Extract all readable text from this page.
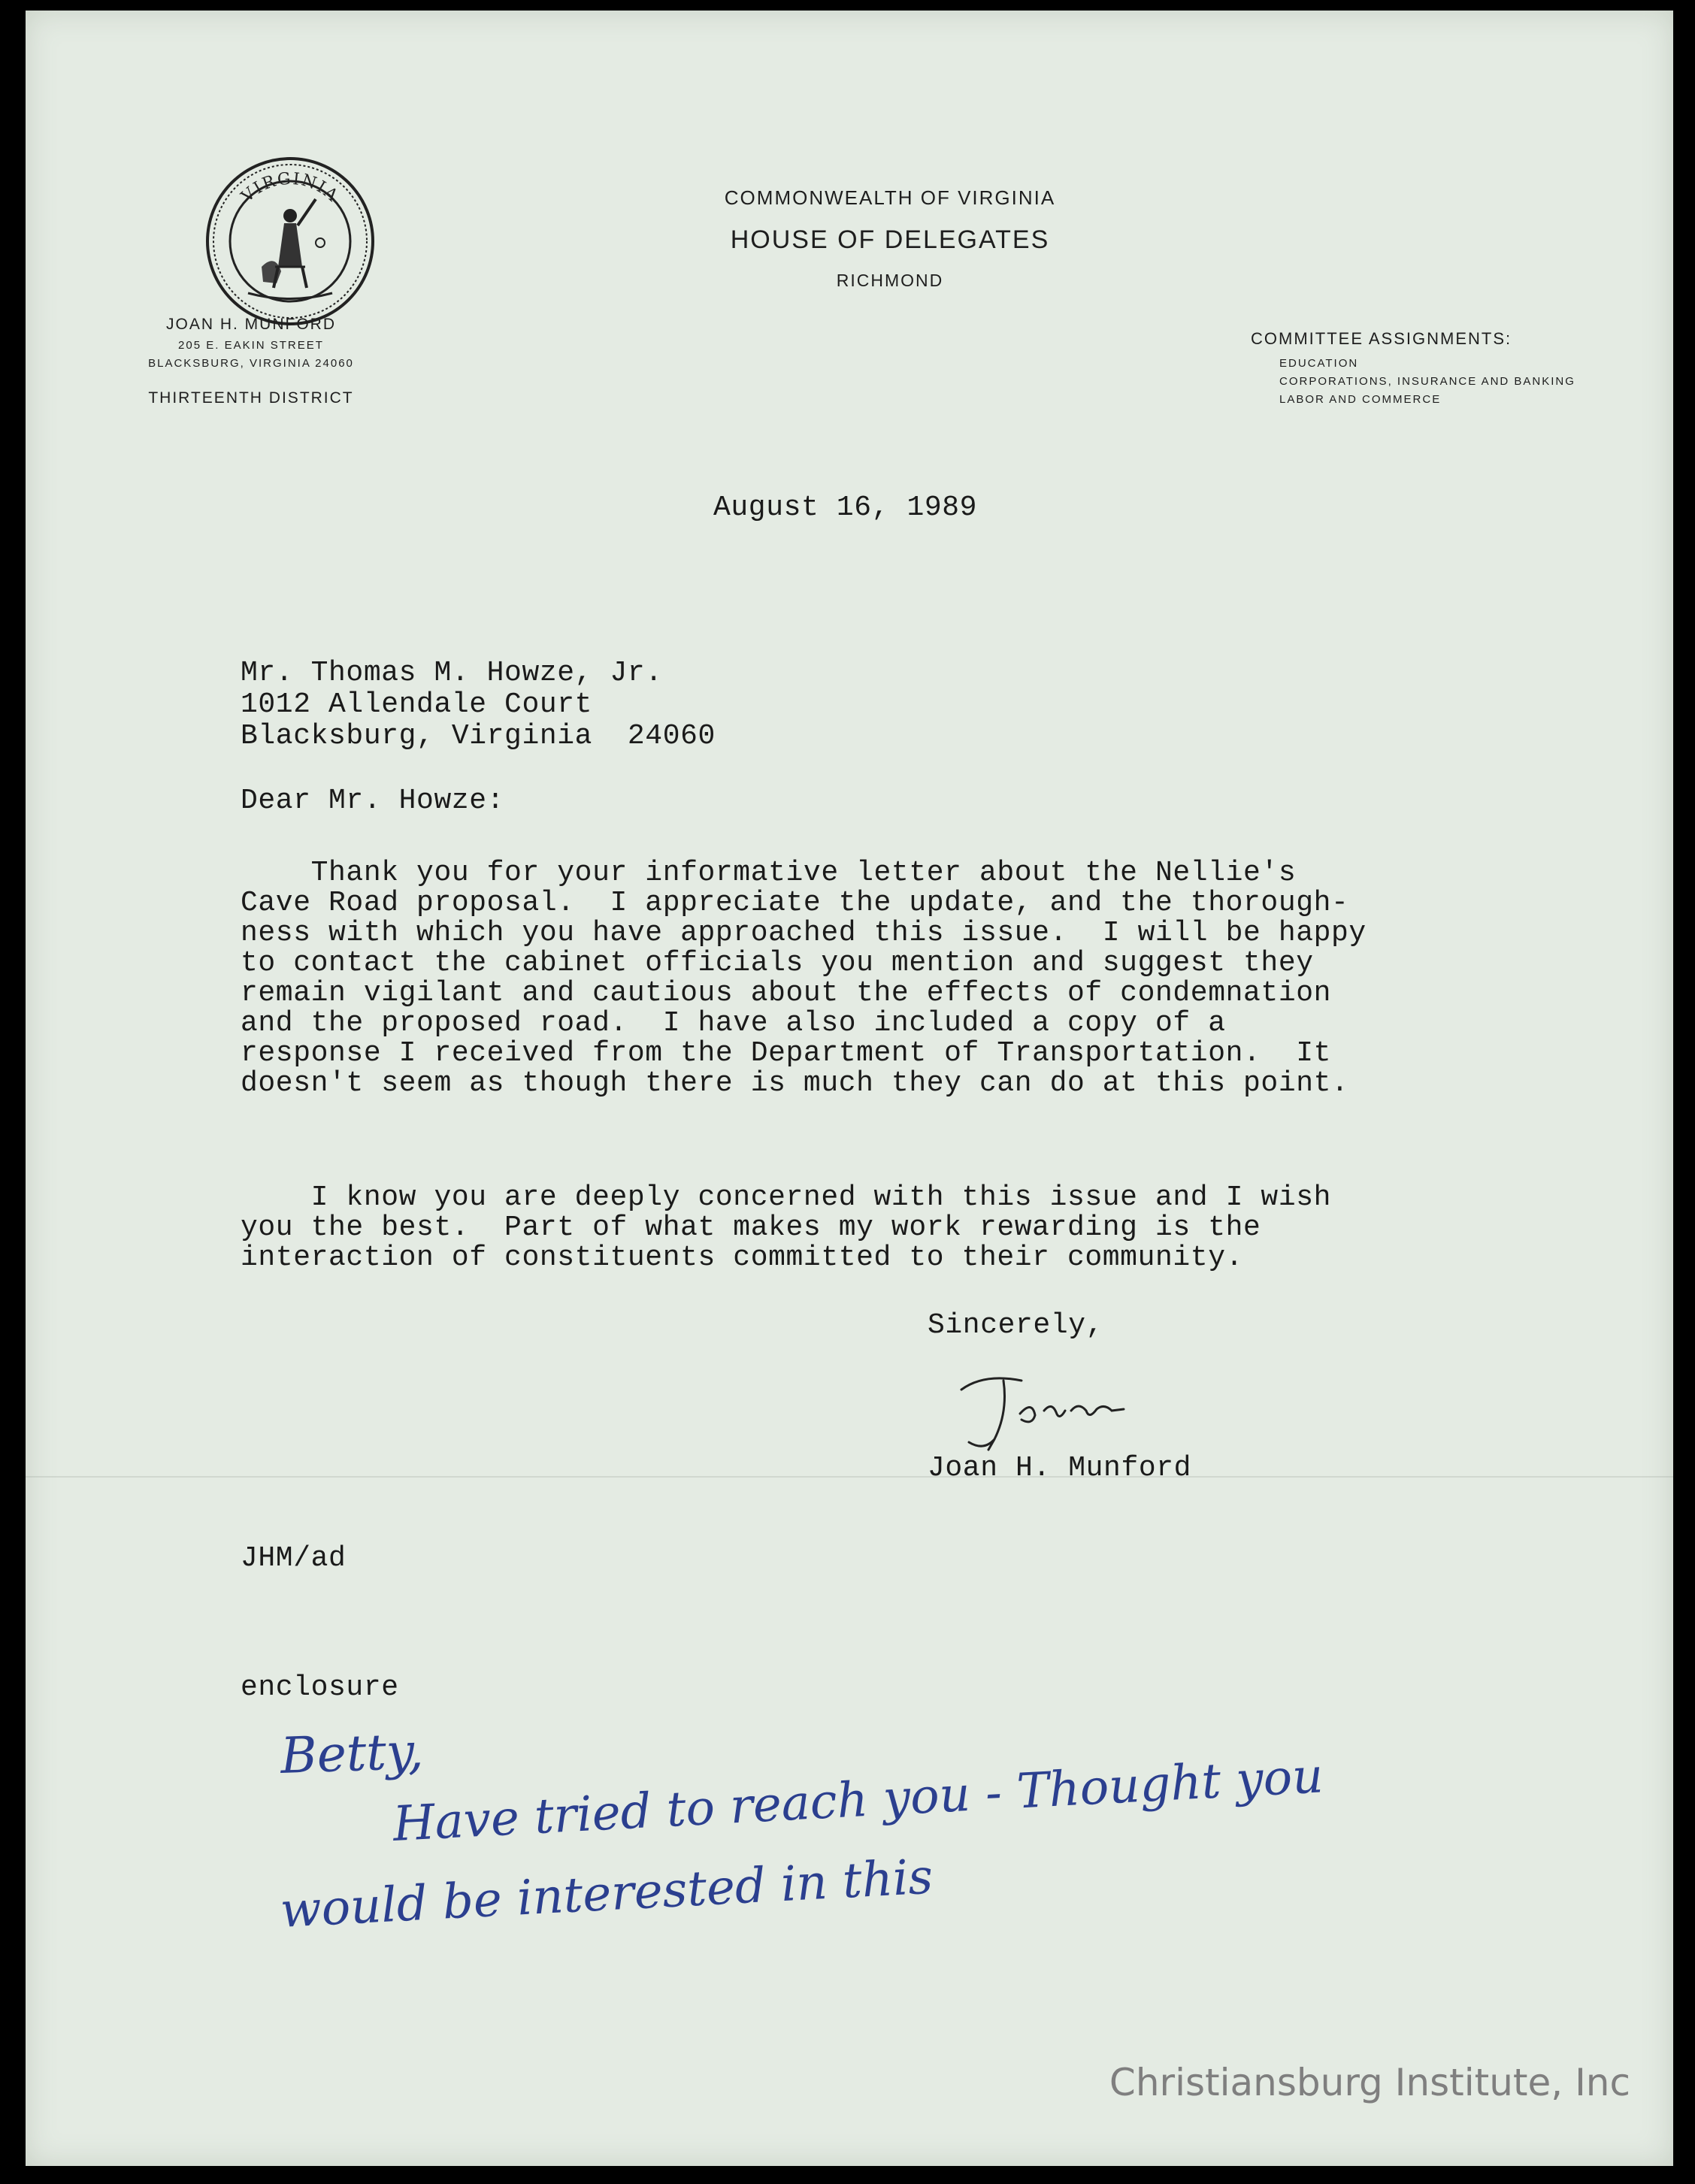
VIRGINIA	COMMONWEALTH OF VIRGINIA
HOUSE OF DELEGATES
RICHMOND
JOAN H. MUNFORD
205 E. EAKIN STREET
BLACKSBURG, VIRGINIA 24060
THIRTEENTH DISTRICT
COMMITTEE ASSIGNMENTS:
EDUCATION
CORPORATIONS, INSURANCE AND BANKING
LABOR AND COMMERCE
August 16, 1989
Mr. Thomas M. Howze, Jr.
1012 Allendale Court
Blacksburg, Virginia  24060
Dear Mr. Howze:
Thank you for your informative letter about the Nellie's
Cave Road proposal.  I appreciate the update, and the thorough-
ness with which you have approached this issue.  I will be happy
to contact the cabinet officials you mention and suggest they
remain vigilant and cautious about the effects of condemnation
and the proposed road.  I have also included a copy of a
response I received from the Department of Transportation.  It
doesn't seem as though there is much they can do at this point.
I know you are deeply concerned with this issue and I wish
you the best.  Part of what makes my work rewarding is the
interaction of constituents committed to their community.
Sincerely,
Joan H. Munford
JHM/ad
enclosure
Betty,
Have tried to reach you - Thought you
would be interested in this
Christiansburg Institute, Inc
